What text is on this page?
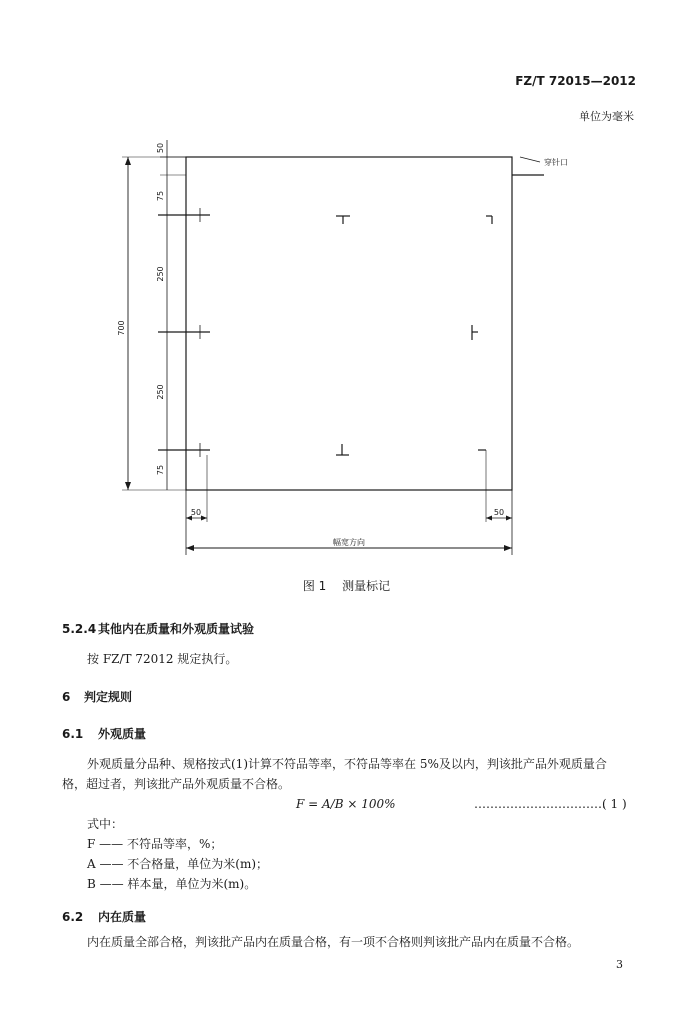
FZ/T 72015—2012
单位为毫米
50
75
250
250
75
700
50	50
幅宽方向
穿针口
图 1 测量标记
5.2.4 其他内在质量和外观质量试验
按 FZ/T 72012 规定执行。
6 判定规则
6.1 外观质量
外观质量分品种、规格按式(1)计算不符品等率，不符品等率在 5%及以内，判该批产品外观质量合
格，超过者，判该批产品外观质量不合格。
F = A/B × 100%	……………………………
( 1 )
式中：
F —— 不符品等率，%；
A —— 不合格量，单位为米(m)；
B —— 样本量，单位为米(m)。
6.2 内在质量
内在质量全部合格，判该批产品内在质量合格，有一项不合格则判该批产品内在质量不合格。
3
